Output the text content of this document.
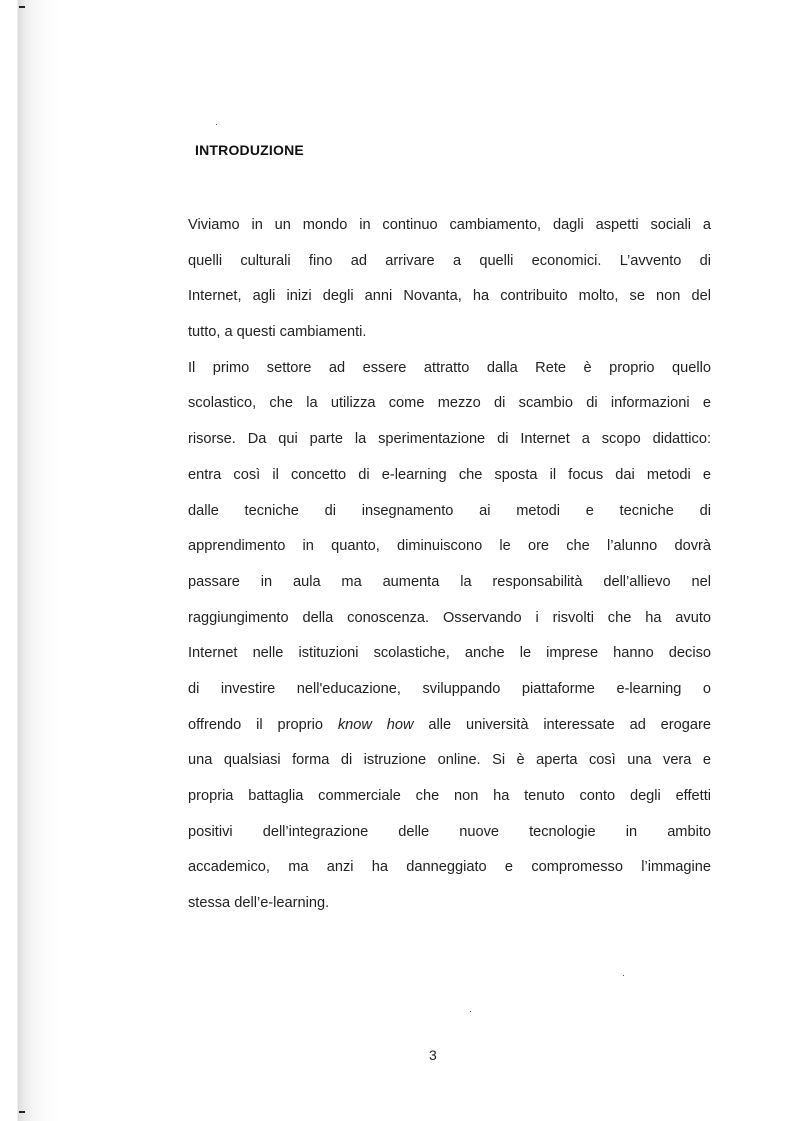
INTRODUZIONE

Viviamo in un mondo in continuo cambiamento, dagli aspetti sociali a
quelli culturali fino ad arrivare a quelli economici. L’avvento di
Internet, agli inizi degli anni Novanta, ha contribuito molto, se non del
tutto, a questi cambiamenti.

Il primo settore ad essere attratto dalla Rete è proprio quello
scolastico, che la utilizza come mezzo di scambio di informazioni e
risorse. Da qui parte la sperimentazione di Internet a scopo didattico:
entra così il concetto di e-learning che sposta il focus dai metodi e
dalle tecniche di insegnamento ai metodi e tecniche di
apprendimento in quanto, diminuiscono le ore che l’alunno dovrà
passare in aula ma aumenta la responsabilità dell’allievo nel
raggiungimento della conoscenza. Osservando i risvolti che ha avuto
Internet nelle istituzioni scolastiche, anche le imprese hanno deciso
di investire nell'educazione, sviluppando piattaforme e-learning o
offrendo il proprio know how alle università interessate ad erogare
una qualsiasi forma di istruzione online. Si è aperta così una vera e
propria battaglia commerciale che non ha tenuto conto degli effetti
positivi dell’integrazione delle nuove tecnologie in ambito
accademico, ma anzi ha danneggiato e compromesso l’immagine
stessa dell’e-learning.

3
